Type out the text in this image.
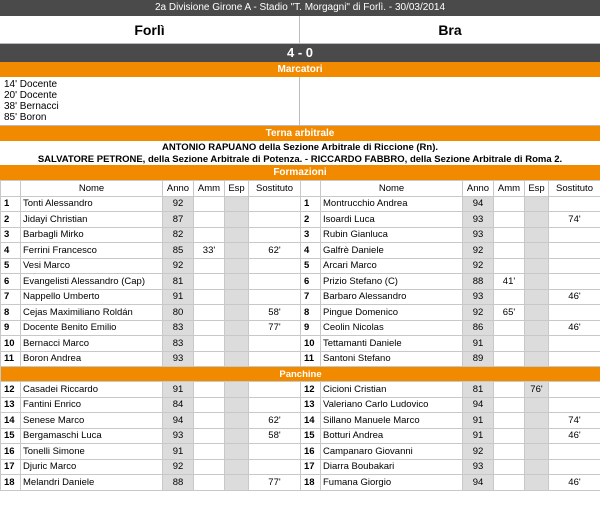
2a Divisione Girone A - Stadio "T. Morgagni" di Forlì. - 30/03/2014
Forlì	Bra
4 - 0
Marcatori
14' Docente
20' Docente
38' Bernacci
85' Boron
Terna arbitrale
ANTONIO RAPUANO della Sezione Arbitrale di Riccione (Rn).
SALVATORE PETRONE, della Sezione Arbitrale di Potenza. - RICCARDO FABBRO, della Sezione Arbitrale di Roma 2.
Formazioni
	Nome	Anno	Amm	Esp	Sostituto		Nome	Anno	Amm	Esp	Sostituto
1	Tonti Alessandro	92				1	Montrucchio Andrea	94			
2	Jidayi Christian	87				2	Isoardi Luca	93			74'
3	Barbagli Mirko	82				3	Rubin Gianluca	93			
4	Ferrini Francesco	85	33'		62'	4	Galfrè Daniele	92			
5	Vesi Marco	92				5	Arcari Marco	92			
6	Evangelisti Alessandro (Cap)	81				6	Prizio Stefano (C)	88	41'		
7	Nappello Umberto	91				7	Barbaro Alessandro	93			46'
8	Cejas Maximiliano Roldán	80			58'	8	Pingue Domenico	92	65'		
9	Docente Benito Emilio	83			77'	9	Ceolin Nicolas	86			46'
10	Bernacci Marco	83				10	Tettamanti Daniele	91			
11	Boron Andrea	93				11	Santoni Stefano	89			
Panchine											
12	Casadei Riccardo	91				12	Cicioni Cristian	81		76'	
13	Fantini Enrico	84				13	Valeriano Carlo Ludovico	94			
14	Senese Marco	94			62'	14	Sillano Manuele Marco	91			74'
15	Bergamaschi Luca	93			58'	15	Botturi Andrea	91			46'
16	Tonelli Simone	91				16	Campanaro Giovanni	92			
17	Djuric Marco	92				17	Diarra Boubakari	93			
18	Melandri Daniele	88			77'	18	Fumana Giorgio	94			46'
